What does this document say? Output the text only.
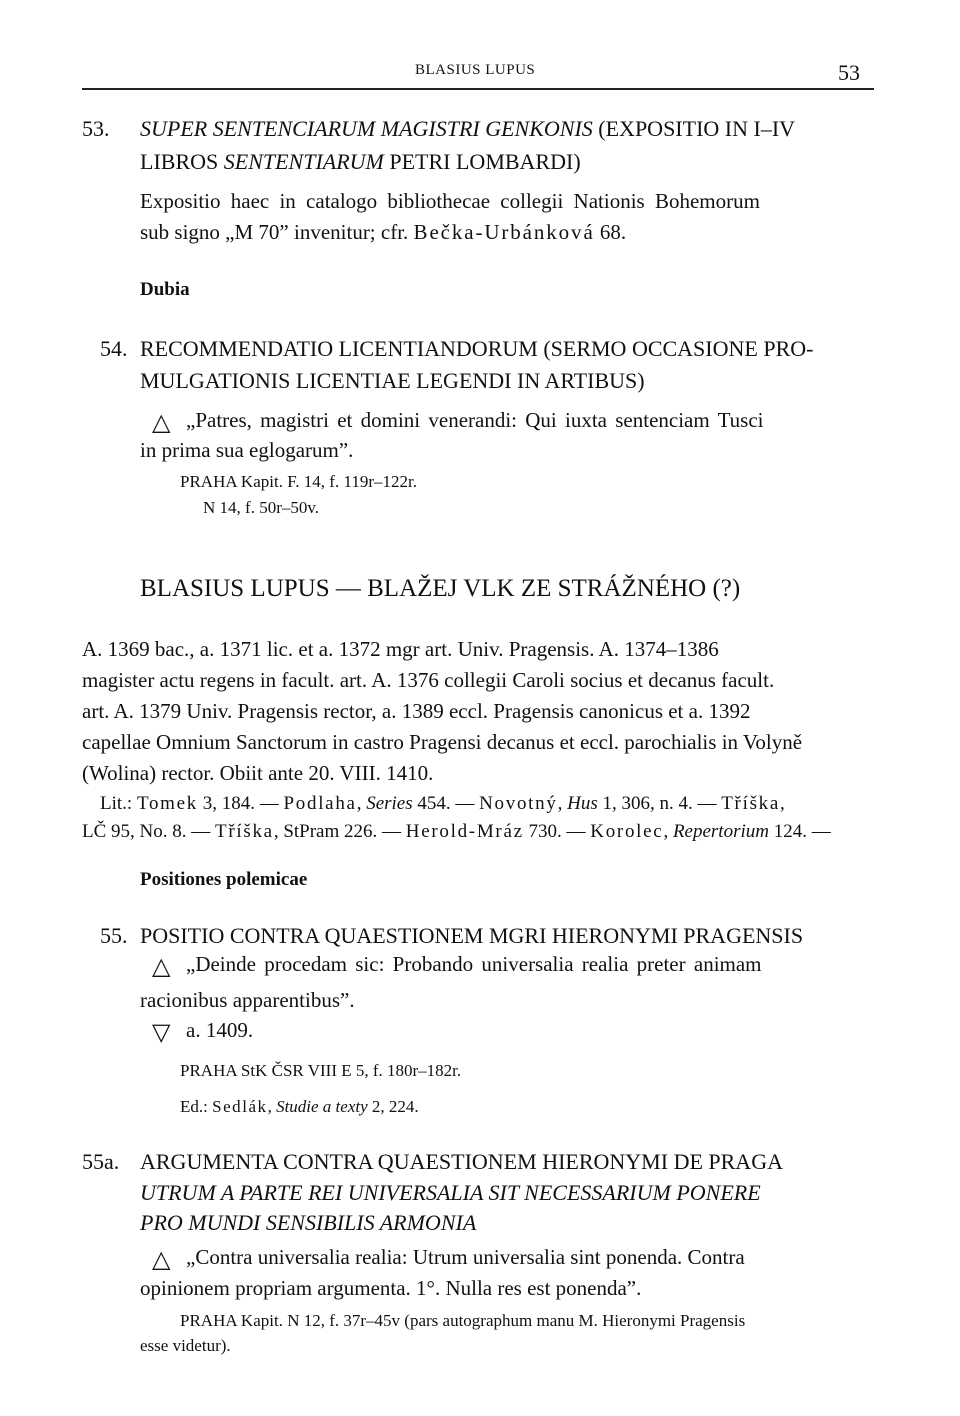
BLASIUS LUPUS	53
53. SUPER SENTENCIARUM MAGISTRI GENKONIS (EXPOSITIO IN I–IV
LIBROS SENTENTIARUM PETRI LOMBARDI)
Expositio haec in catalogo bibliothecae collegii Nationis Bohemorum
sub signo „M 70” invenitur; cfr. Bečka-Urbánková 68.
Dubia
54. RECOMMENDATIO LICENTIANDORUM (SERMO OCCASIONE PRO-
MULGATIONIS LICENTIAE LEGENDI IN ARTIBUS)
△ „Patres, magistri et domini venerandi: Qui iuxta sentenciam Tusci
in prima sua eglogarum”.
PRAHA Kapit. F. 14, f. 119r–122r.
N 14, f. 50r–50v.
BLASIUS LUPUS — BLAŽEJ VLK ZE STRÁŽNÉHO (?)
A. 1369 bac., a. 1371 lic. et a. 1372 mgr art. Univ. Pragensis. A. 1374–1386
magister actu regens in facult. art. A. 1376 collegii Caroli socius et decanus facult.
art. A. 1379 Univ. Pragensis rector, a. 1389 eccl. Pragensis canonicus et a. 1392
capellae Omnium Sanctorum in castro Pragensi decanus et eccl. parochialis in Volyně
(Wolina) rector. Obiit ante 20. VIII. 1410.
Lit.: Tomek 3, 184. — Podlaha, Series 454. — Novotný, Hus 1, 306, n. 4. — Tříška,
LČ 95, No. 8. — Tříška, StPram 226. — Herold-Mráz 730. — Korolec, Repertorium 124. —
Positiones polemicae
55. POSITIO CONTRA QUAESTIONEM MGRI HIERONYMI PRAGENSIS
△ „Deinde procedam sic: Probando universalia realia preter animam
racionibus apparentibus”.
▽ a. 1409.
PRAHA StK ČSR VIII E 5, f. 180r–182r.
Ed.: Sedlák, Studie a texty 2, 224.
55a. ARGUMENTA CONTRA QUAESTIONEM HIERONYMI DE PRAGA
UTRUM A PARTE REI UNIVERSALIA SIT NECESSARIUM PONERE
PRO MUNDI SENSIBILIS ARMONIA
△ „Contra universalia realia: Utrum universalia sint ponenda. Contra
opinionem propriam argumenta. 1°. Nulla res est ponenda”.
PRAHA Kapit. N 12, f. 37r–45v (pars autographum manu M. Hieronymi Pragensis
esse videtur).
